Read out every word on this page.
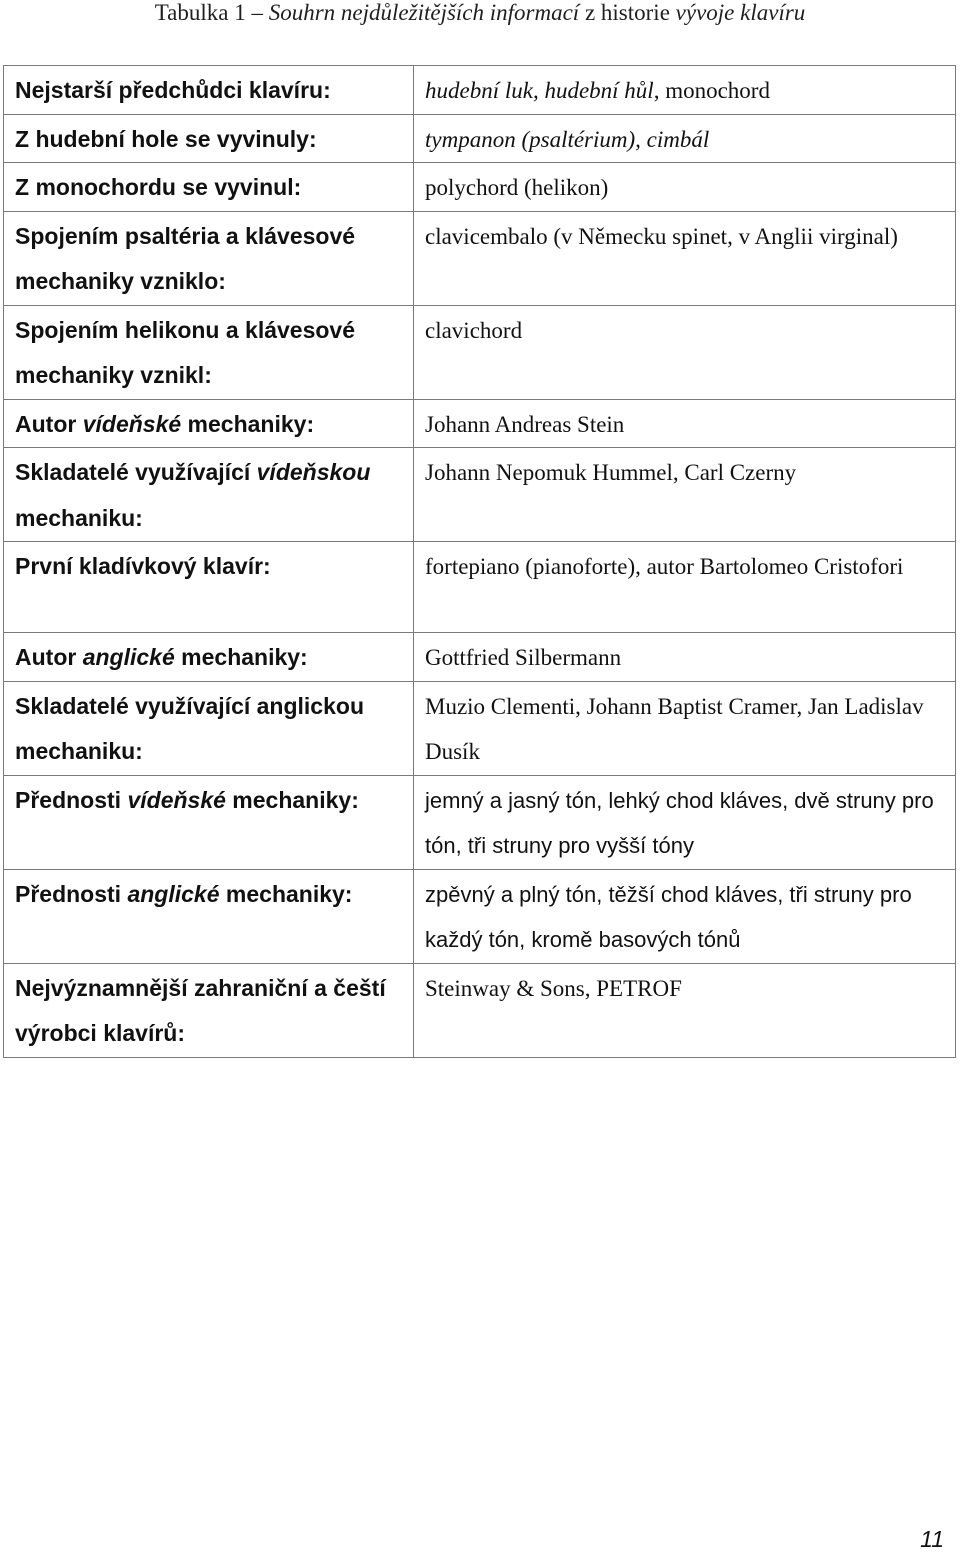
Tabulka 1 – Souhrn nejdůležitějších informací z historie vývoje klavíru
Nejstarší předchůdci klavíru:	hudební luk, hudební hůl, monochord
Z hudební hole se vyvinuly:	tympanon (psaltérium), cimbál
Z monochordu se vyvinul:	polychord (helikon)
Spojením psaltéria a klávesové mechaniky vzniklo:	clavicembalo (v Německu spinet, v Anglii virginal)
Spojením helikonu a klávesové mechaniky vznikl:	clavichord
Autor vídeňské mechaniky:	Johann Andreas Stein
Skladatelé využívající vídeňskou mechaniku:	Johann Nepomuk Hummel, Carl Czerny
První kladívkový klavír:	fortepiano (pianoforte), autor Bartolomeo Cristofori
Autor anglické mechaniky:	Gottfried Silbermann
Skladatelé využívající anglickou mechaniku:	Muzio Clementi, Johann Baptist Cramer, Jan Ladislav Dusík
Přednosti vídeňské mechaniky:	jemný a jasný tón, lehký chod kláves, dvě struny pro tón, tři struny pro vyšší tóny
Přednosti anglické mechaniky:	zpěvný a plný tón, těžší chod kláves, tři struny pro každý tón, kromě basových tónů
Nejvýznamnější zahraniční a čeští výrobci klavírů:	Steinway & Sons, PETROF
11
